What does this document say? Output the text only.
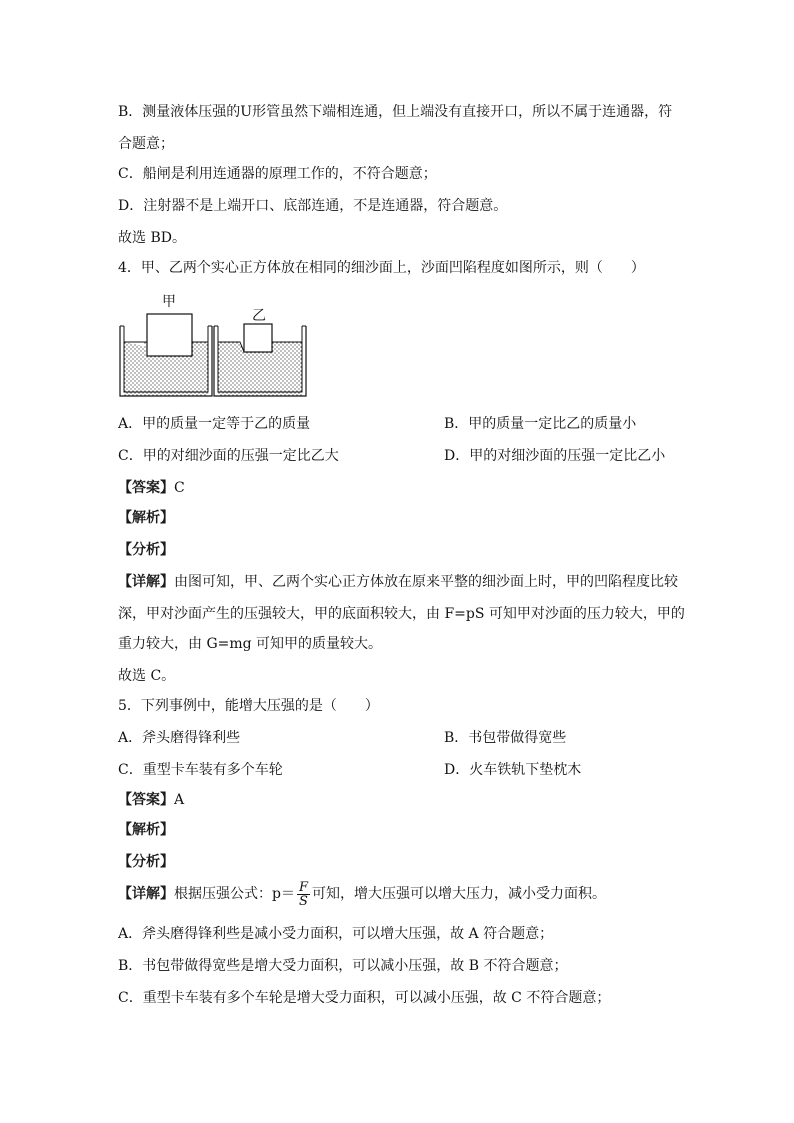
B．测量液体压强的U形管虽然下端相连通，但上端没有直接开口，所以不属于连通器，符
合题意；
C．船闸是利用连通器的原理工作的，不符合题意；
D．注射器不是上端开口、底部连通，不是连通器，符合题意。
故选 BD。
4．甲、乙两个实心正方体放在相同的细沙面上，沙面凹陷程度如图所示，则（　　）
甲
乙
A．甲的质量一定等于乙的质量	B．甲的质量一定比乙的质量小
C．甲的对细沙面的压强一定比乙大	D．甲的对细沙面的压强一定比乙小
【答案】C
【解析】
【分析】
【详解】由图可知，甲、乙两个实心正方体放在原来平整的细沙面上时，甲的凹陷程度比较
深，甲对沙面产生的压强较大，甲的底面积较大，由 F=pS 可知甲对沙面的压力较大，甲的
重力较大，由 G=mg 可知甲的质量较大。
故选 C。
5．下列事例中，能增大压强的是（　　）
A．斧头磨得锋利些	B．书包带做得宽些
C．重型卡车装有多个车轮	D．火车铁轨下垫枕木
【答案】A
【解析】
【分析】
【详解】根据压强公式：$p= \frac{F}{S}$ 可知，增大压强可以增大压力，减小受力面积。
A．斧头磨得锋利些是减小受力面积，可以增大压强，故 A 符合题意；
B．书包带做得宽些是增大受力面积，可以减小压强，故 B 不符合题意；
C．重型卡车装有多个车轮是增大受力面积，可以减小压强，故 C 不符合题意；
